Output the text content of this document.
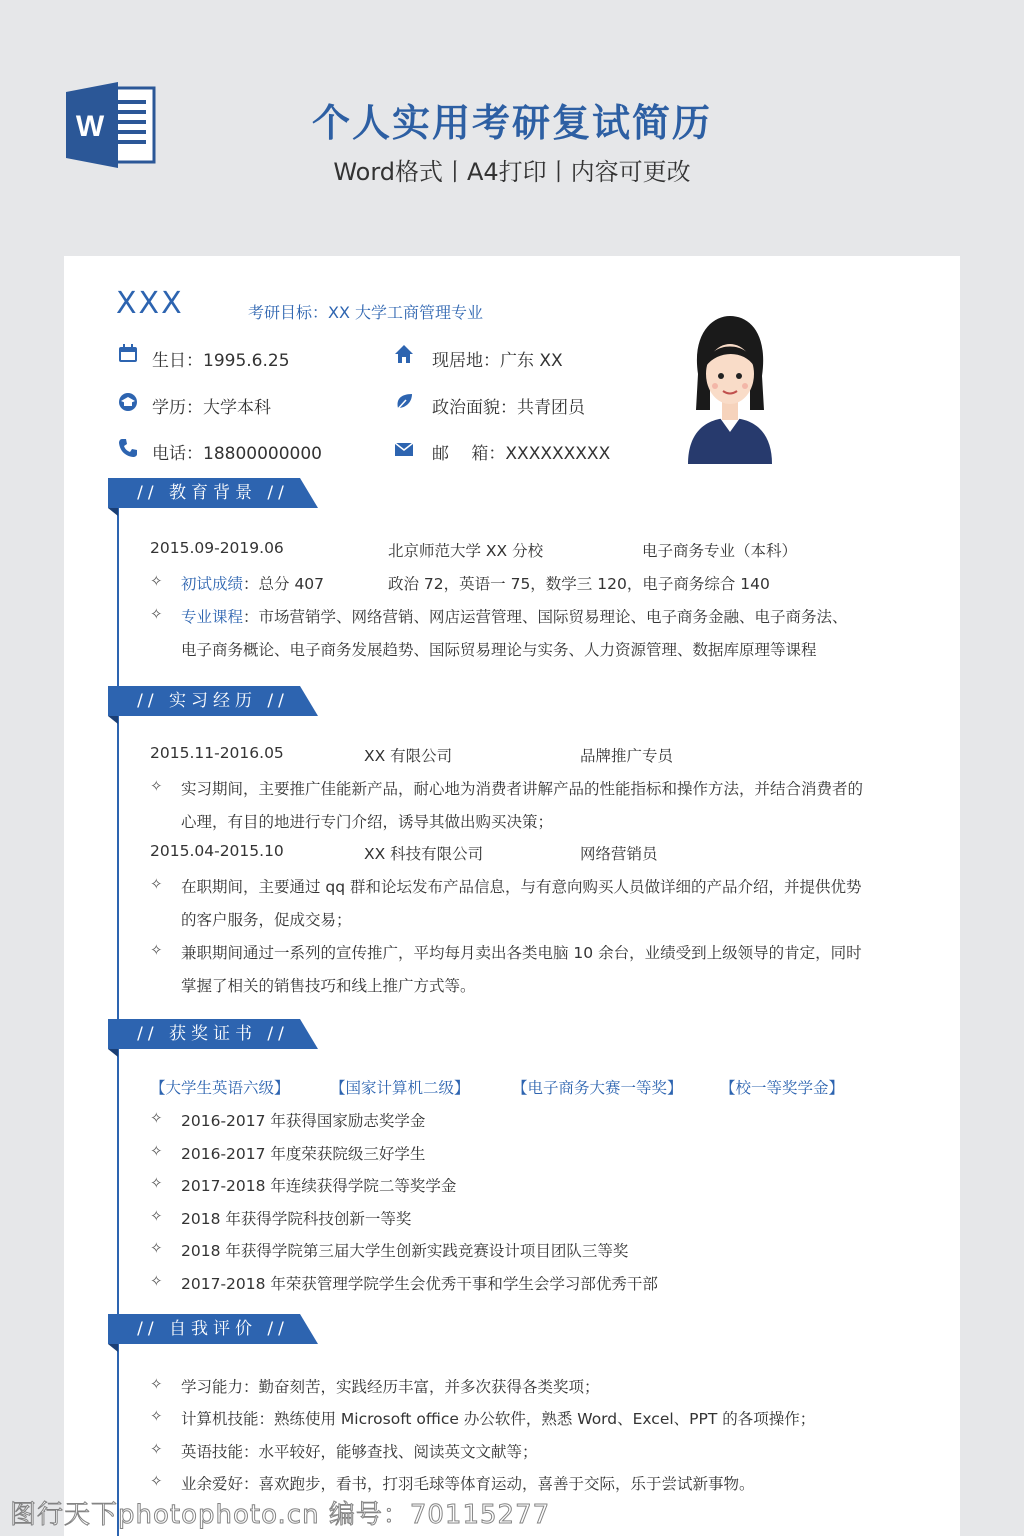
W	个人实用考研复试简历
Word格式丨A4打印丨内容可更改
XXX	考研目标：XX 大学工商管理专业
生日：1995.6.25	现居地：广东 XX
学历：大学本科	政治面貌：共青团员
电话：18800000000	邮　 箱：XXXXXXXXX
// 教育背景 //
2015.09-2019.06	北京师范大学 XX 分校	电子商务专业（本科）
✧ 初试成绩：总分 407	政治 72，英语一 75，数学三 120，电子商务综合 140
✧ 专业课程：市场营销学、网络营销、网店运营管理、国际贸易理论、电子商务金融、电子商务法、
电子商务概论、电子商务发展趋势、国际贸易理论与实务、人力资源管理、数据库原理等课程
// 实习经历 //
2015.11-2016.05	XX 有限公司	品牌推广专员
✧ 实习期间，主要推广佳能新产品，耐心地为消费者讲解产品的性能指标和操作方法，并结合消费者的
心理，有目的地进行专门介绍，诱导其做出购买决策；
2015.04-2015.10	XX 科技有限公司	网络营销员
✧ 在职期间，主要通过 qq 群和论坛发布产品信息，与有意向购买人员做详细的产品介绍，并提供优势
的客户服务，促成交易；
✧ 兼职期间通过一系列的宣传推广，平均每月卖出各类电脑 10 余台，业绩受到上级领导的肯定，同时
掌握了相关的销售技巧和线上推广方式等。
// 获奖证书 //
【大学生英语六级】	【国家计算机二级】	【电子商务大赛一等奖】 【校一等奖学金】
✧ 2016-2017 年获得国家励志奖学金
✧ 2016-2017 年度荣获院级三好学生
✧ 2017-2018 年连续获得学院二等奖学金
✧ 2018 年获得学院科技创新一等奖
✧ 2018 年获得学院第三届大学生创新实践竞赛设计项目团队三等奖
✧ 2017-2018 年荣获管理学院学生会优秀干事和学生会学习部优秀干部
// 自我评价 //
✧ 学习能力：勤奋刻苦，实践经历丰富，并多次获得各类奖项；
✧ 计算机技能：熟练使用 Microsoft office 办公软件，熟悉 Word、Excel、PPT 的各项操作；
✧ 英语技能：水平较好，能够查找、阅读英文文献等；
✧ 业余爱好：喜欢跑步，看书，打羽毛球等体育运动，喜善于交际，乐于尝试新事物。
图行天下photophoto.cn 编号：70115277
